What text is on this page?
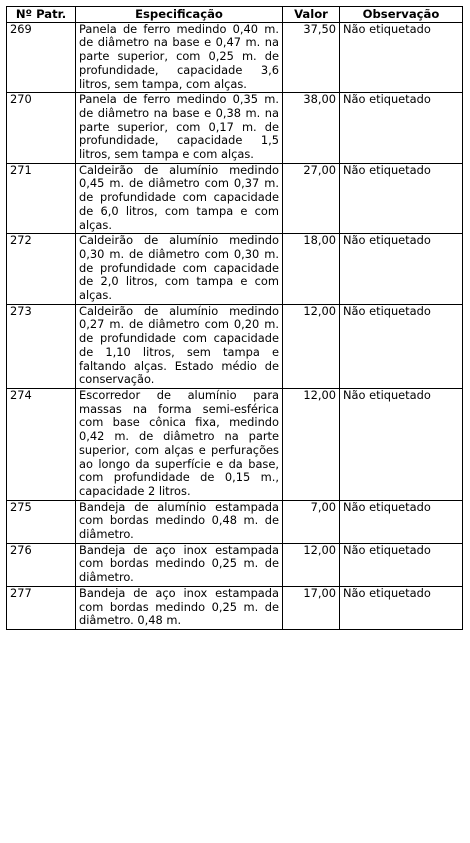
Nº Patr.	Especificação	Valor	Observação
269	Panela de ferro medindo 0,40 m. de diâmetro na base e 0,47 m. na parte superior, com 0,25 m. de profundidade, capacidade 3,6 litros, sem tampa, com alças.	37,50	Não etiquetado
270	Panela de ferro medindo 0,35 m. de diâmetro na base e 0,38 m. na parte superior, com 0,17 m. de profundidade, capacidade 1,5 litros, sem tampa e com alças.	38,00	Não etiquetado
271	Caldeirão de alumínio medindo 0,45 m. de diâmetro com 0,37 m. de profundidade com capacidade de 6,0 litros, com tampa e com alças.	27,00	Não etiquetado
272	Caldeirão de alumínio medindo 0,30 m. de diâmetro com 0,30 m. de profundidade com capacidade de 2,0 litros, com tampa e com alças.	18,00	Não etiquetado
273	Caldeirão de alumínio medindo 0,27 m. de diâmetro com 0,20 m. de profundidade com capacidade de 1,10 litros, sem tampa e faltando alças. Estado médio de conservação.	12,00	Não etiquetado
274	Escorredor de alumínio para massas na forma semi-esférica com base cônica fixa, medindo 0,42 m. de diâmetro na parte superior, com alças e perfurações ao longo da superfície e da base, com profundidade de 0,15 m., capacidade 2 litros.	12,00	Não etiquetado
275	Bandeja de alumínio estampada com bordas medindo 0,48 m. de diâmetro.	7,00	Não etiquetado
276	Bandeja de aço inox estampada com bordas medindo 0,25 m. de diâmetro.	12,00	Não etiquetado
277	Bandeja de aço inox estampada com bordas medindo 0,25 m. de diâmetro. 0,48 m.	17,00	Não etiquetado
